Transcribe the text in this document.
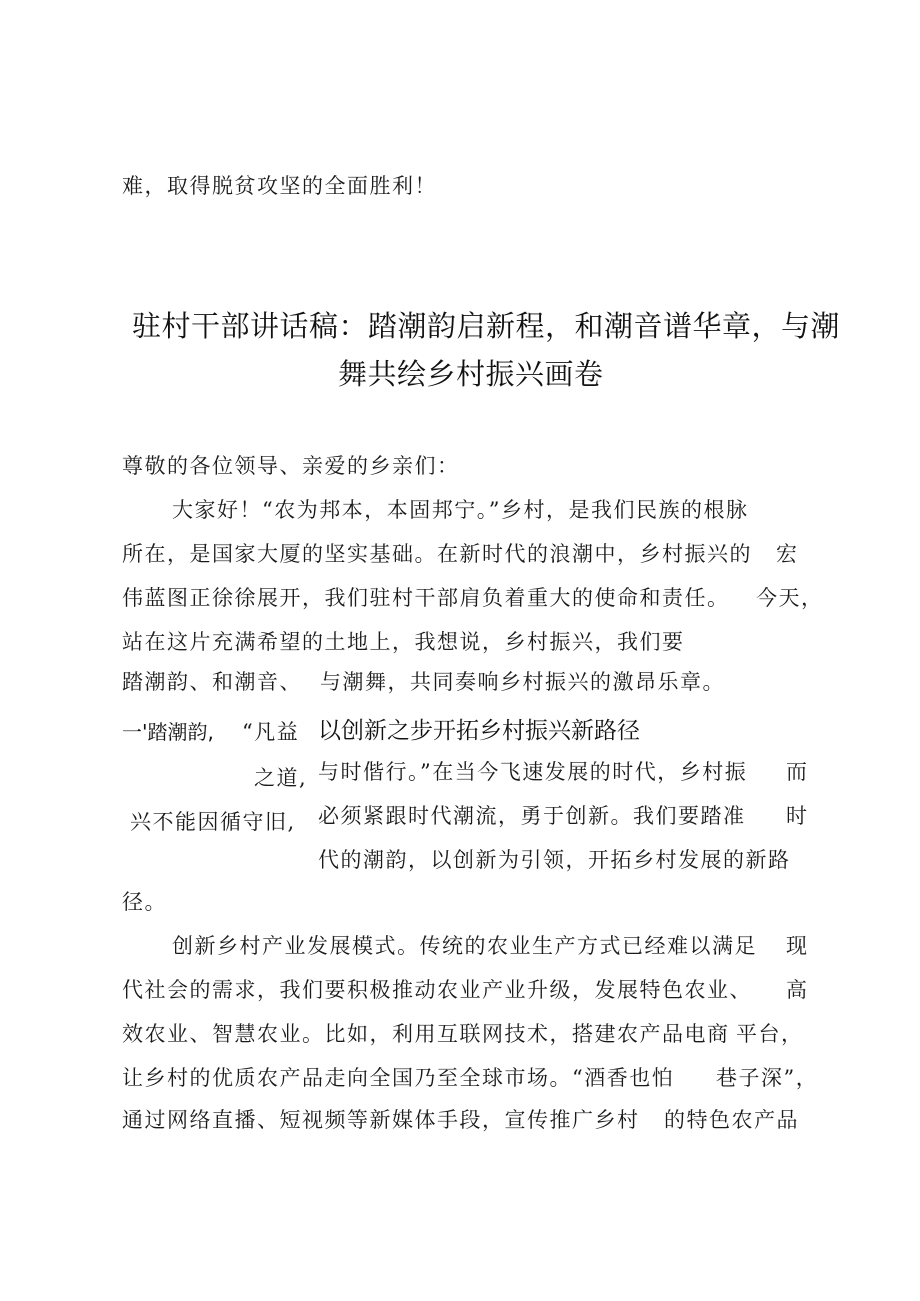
难，取得脱贫攻坚的全面胜利！
驻村干部讲话稿：踏潮韵启新程，和潮音谱华章，与潮
舞共绘乡村振兴画卷
尊敬的各位领导、亲爱的乡亲们：
大家好！“农为邦本，本固邦宁。”乡村，是我们民族的根脉
所在，是国家大厦的坚实基础。在新时代的浪潮中，乡村振兴的 宏
伟蓝图正徐徐展开，我们驻村干部肩负着重大的使命和责任。 今天，
站在这片充满希望的土地上，我想说，乡村振兴，我们要
踏潮韵、和潮音、 与潮舞，共同奏响乡村振兴的激昂乐章。
一'踏潮韵, “凡益 以创新之步开拓乡村振兴新路径
之道, 与时偕行。”在当今飞速发展的时代，乡村振 而
兴不能因循守旧, 必须紧跟时代潮流，勇于创新。我们要踏准 时
代的潮韵，以创新为引领，开拓乡村发展的新路
径。
创新乡村产业发展模式。传统的农业生产方式已经难以满足 现
代社会的需求，我们要积极推动农业产业升级，发展特色农业、 高
效农业、智慧农业。比如，利用互联网技术，搭建农产品电商 平台，
让乡村的优质农产品走向全国乃至全球市场。“酒香也怕 巷子深”，
通过网络直播、短视频等新媒体手段，宣传推广乡村 的特色农产品
